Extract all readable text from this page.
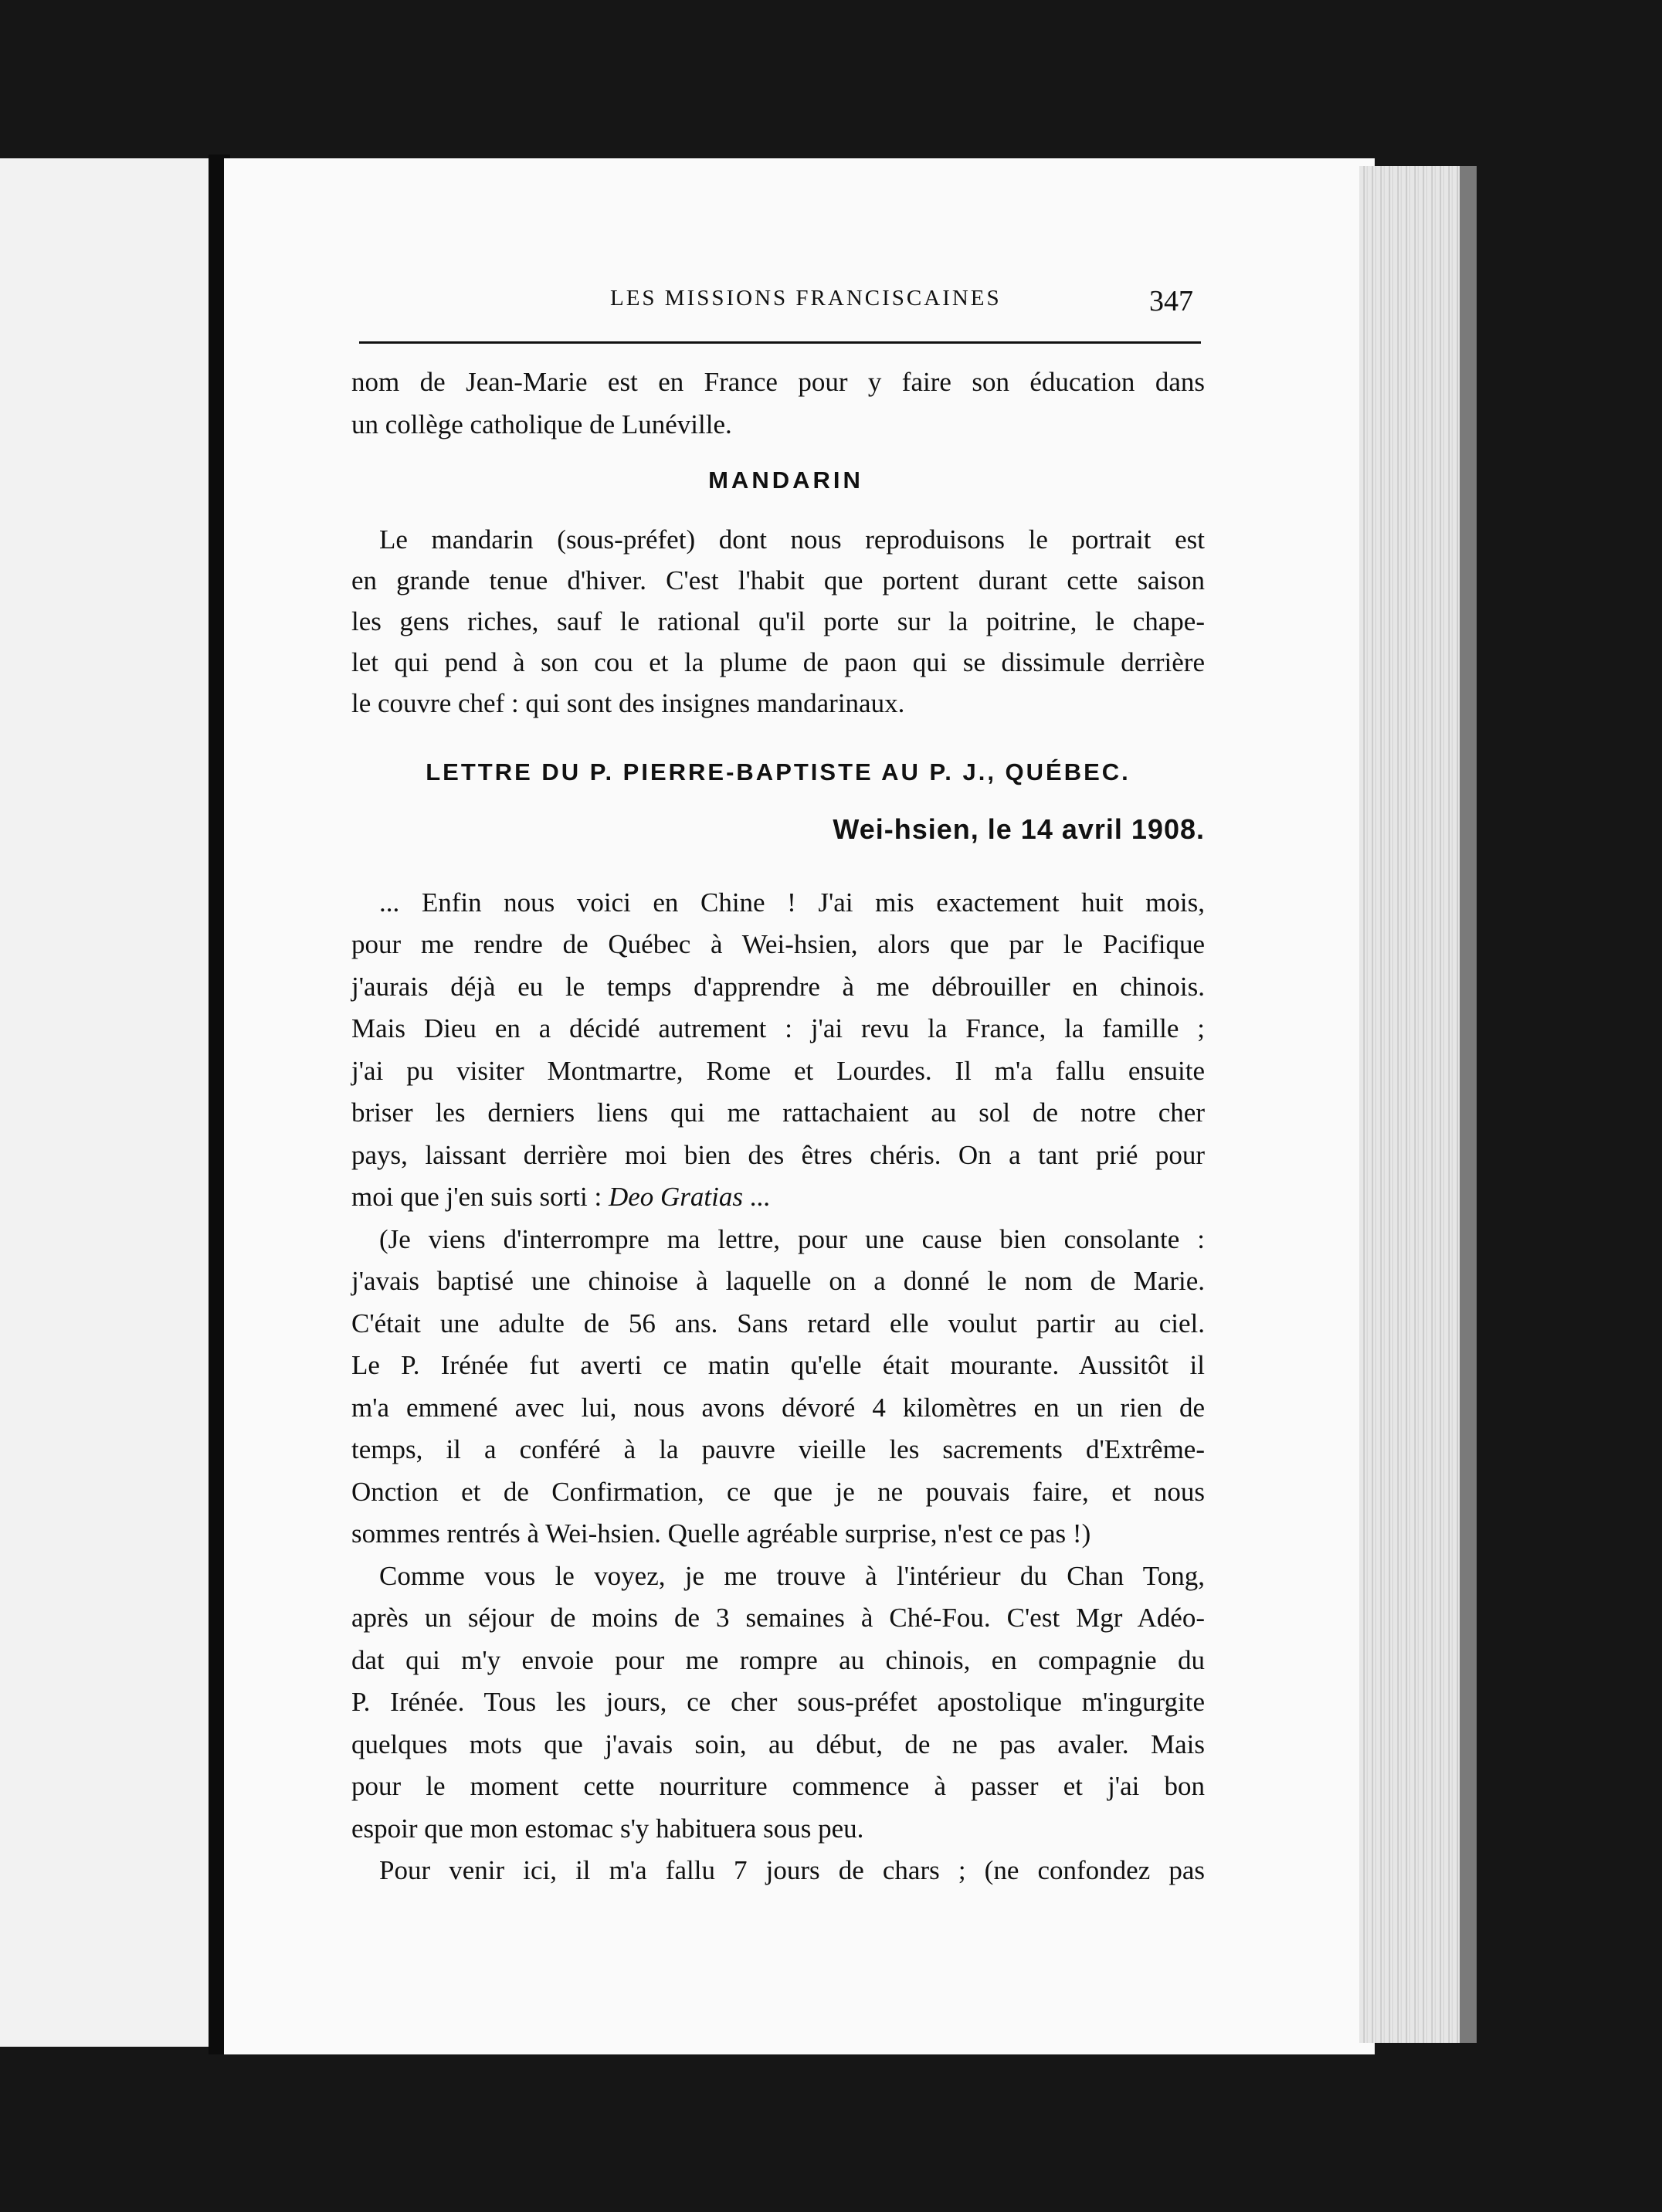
LES MISSIONS FRANCISCAINES	347
nom de Jean-Marie est en France pour y faire son éducation dans
un collège catholique de Lunéville.
MANDARIN
Le mandarin (sous-préfet) dont nous reproduisons le portrait est
en grande tenue d'hiver. C'est l'habit que portent durant cette saison
les gens riches, sauf le rational qu'il porte sur la poitrine, le chape-
let qui pend à son cou et la plume de paon qui se dissimule derrière
le couvre chef : qui sont des insignes mandarinaux.
LETTRE DU P. PIERRE-BAPTISTE AU P. J., QUÉBEC.
Wei-hsien, le 14 avril 1908.
... Enfin nous voici en Chine ! J'ai mis exactement huit mois,
pour me rendre de Québec à Wei-hsien, alors que par le Pacifique
j'aurais déjà eu le temps d'apprendre à me débrouiller en chinois.
Mais Dieu en a décidé autrement : j'ai revu la France, la famille ;
j'ai pu visiter Montmartre, Rome et Lourdes. Il m'a fallu ensuite
briser les derniers liens qui me rattachaient au sol de notre cher
pays, laissant derrière moi bien des êtres chéris. On a tant prié pour
moi que j'en suis sorti : Deo Gratias ...
(Je viens d'interrompre ma lettre, pour une cause bien consolante :
j'avais baptisé une chinoise à laquelle on a donné le nom de Marie.
C'était une adulte de 56 ans. Sans retard elle voulut partir au ciel.
Le P. Irénée fut averti ce matin qu'elle était mourante. Aussitôt il
m'a emmené avec lui, nous avons dévoré 4 kilomètres en un rien de
temps, il a conféré à la pauvre vieille les sacrements d'Extrême-
Onction et de Confirmation, ce que je ne pouvais faire, et nous
sommes rentrés à Wei-hsien. Quelle agréable surprise, n'est ce pas !)
Comme vous le voyez, je me trouve à l'intérieur du Chan Tong,
après un séjour de moins de 3 semaines à Ché-Fou. C'est Mgr Adéo-
dat qui m'y envoie pour me rompre au chinois, en compagnie du
P. Irénée. Tous les jours, ce cher sous-préfet apostolique m'ingurgite
quelques mots que j'avais soin, au début, de ne pas avaler. Mais
pour le moment cette nourriture commence à passer et j'ai bon
espoir que mon estomac s'y habituera sous peu.
Pour venir ici, il m'a fallu 7 jours de chars ; (ne confondez pas
